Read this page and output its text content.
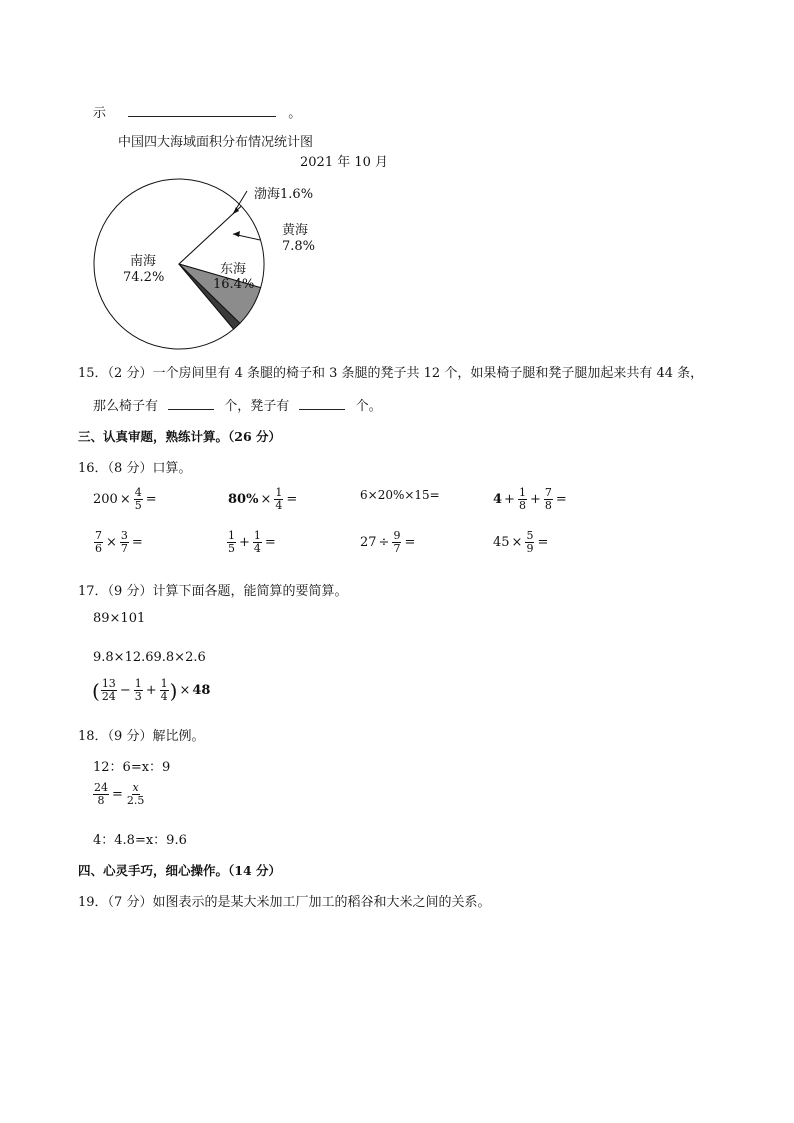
示	。
中国四大海域面积分布情况统计图
2021 年 10 月
渤海1.6%
黄海
7.8%
东海
16.4%
南海
74.2%
15．（2 分）一个房间里有 4 条腿的椅子和 3 条腿的凳子共 12 个，如果椅子腿和凳子腿加起来共有 44 条，
那么椅子有	个，凳子有	个。
三、认真审题，熟练计算。（26 分）
16．（8 分）口算。
$200 \times \frac{4}{5}$ =	$80\% \times \frac{1}{4}$ =	6×20%×15=	$4 + \frac{1}{8} + \frac{7}{8}$ =
$\frac{7}{6} \times \frac{3}{7}$ =	$\frac{1}{5} + \frac{1}{4}$ =	$27 \div \frac{9}{7}$ =	$45 \times \frac{5}{9}$ =
17．（9 分）计算下面各题，能简算的要简算。
89×101
9.8×12.69.8×2.6
( $\frac{13}{24} - \frac{1}{3} + \frac{1}{4}$ ) × 48
18．（9 分）解比例。
12：6=x：9
$\frac{24}{8} = \frac{x}{2.5}$
4：4.8=x：9.6
四、心灵手巧，细心操作。（14 分）
19．（7 分）如图表示的是某大米加工厂加工的稻谷和大米之间的关系。
